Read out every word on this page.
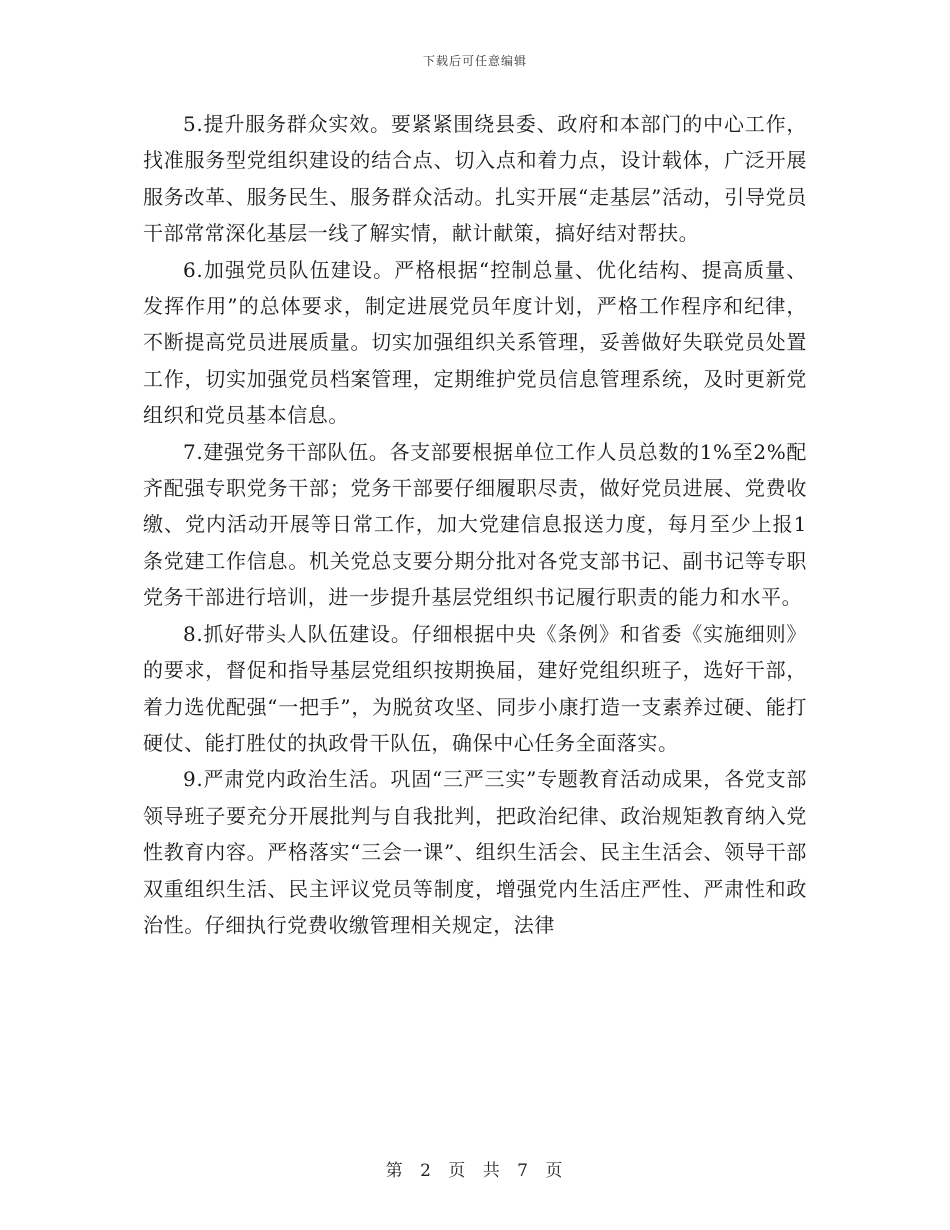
下载后可任意编辑

5.提升服务群众实效。要紧紧围绕县委、政府和本部门的中心工作，找准服务型党组织建设的结合点、切入点和着力点，设计载体，广泛开展服务改革、服务民生、服务群众活动。扎实开展“走基层”活动，引导党员干部常常深化基层一线了解实情，献计献策，搞好结对帮扶。

6.加强党员队伍建设。严格根据“控制总量、优化结构、提高质量、发挥作用”的总体要求，制定进展党员年度计划，严格工作程序和纪律，不断提高党员进展质量。切实加强组织关系管理，妥善做好失联党员处置工作，切实加强党员档案管理，定期维护党员信息管理系统，及时更新党组织和党员基本信息。

7.建强党务干部队伍。各支部要根据单位工作人员总数的1%至2%配齐配强专职党务干部；党务干部要仔细履职尽责，做好党员进展、党费收缴、党内活动开展等日常工作，加大党建信息报送力度，每月至少上报1条党建工作信息。机关党总支要分期分批对各党支部书记、副书记等专职党务干部进行培训，进一步提升基层党组织书记履行职责的能力和水平。

8.抓好带头人队伍建设。仔细根据中央《条例》和省委《实施细则》的要求，督促和指导基层党组织按期换届，建好党组织班子，选好干部，着力选优配强“一把手”，为脱贫攻坚、同步小康打造一支素养过硬、能打硬仗、能打胜仗的执政骨干队伍，确保中心任务全面落实。

9.严肃党内政治生活。巩固“三严三实”专题教育活动成果，各党支部领导班子要充分开展批判与自我批判，把政治纪律、政治规矩教育纳入党性教育内容。严格落实“三会一课”、组织生活会、民主生活会、领导干部双重组织生活、民主评议党员等制度，增强党内生活庄严性、严肃性和政治性。仔细执行党费收缴管理相关规定，法律

第 2 页 共 7 页
